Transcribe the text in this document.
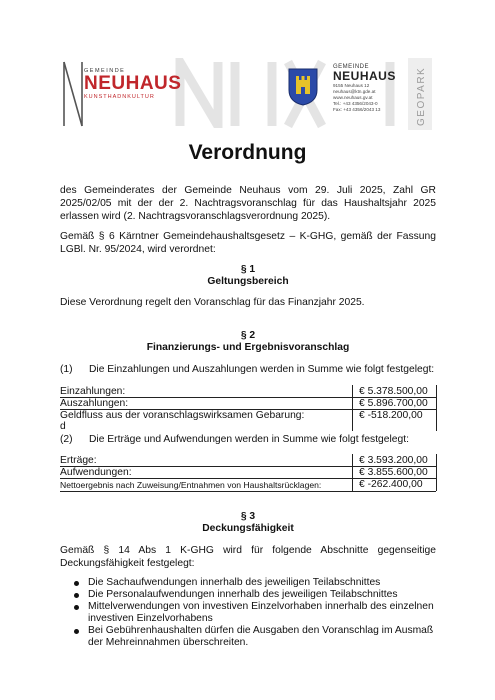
GEMEINDE
NEUHAUS
KUNSTHADNKULTUR
GEMEINDE
NEUHAUS
9155 Neuhaus 12
neuhaus@ktn.gde.at
www.neuhaus.gv.at
Tel.: +43 4356/2043-0
Fax: +43 4356/2043 13	GEOPARK
Verordnung
des Gemeinderates der Gemeinde Neuhaus vom 29. Juli 2025, Zahl GR 2025/02/05 mit der der 2. Nachtragsvoranschlag für das Haushaltsjahr 2025 erlassen wird (2. Nachtragsvoranschlagsverordnung 2025).
Gemäß § 6 Kärntner Gemeindehaushaltsgesetz – K-GHG, gemäß der Fassung LGBl. Nr. 95/2024, wird verordnet:
§ 1
Geltungsbereich
Diese Verordnung regelt den Voranschlag für das Finanzjahr 2025.
§ 2
Finanzierungs- und Ergebnisvoranschlag
(1) Die Einzahlungen und Auszahlungen werden in Summe wie folgt festgelegt:
Einzahlungen:	€ 5.378.500,00
Auszahlungen:	€ 5.896.700,00
Geldfluss aus der voranschlagswirksamen Gebarung:	€ -518.200,00
d
(2) Die Erträge und Aufwendungen werden in Summe wie folgt festgelegt:
Erträge:	€ 3.593.200,00
Aufwendungen:	€ 3.855.600,00
Nettoergebnis nach Zuweisung/Entnahmen von Haushaltsrücklagen:	€ -262.400,00
§ 3
Deckungsfähigkeit
Gemäß § 14 Abs 1 K-GHG wird für folgende Abschnitte gegenseitige Deckungsfähigkeit festgelegt:
Die Sachaufwendungen innerhalb des jeweiligen Teilabschnittes
Die Personalaufwendungen innerhalb des jeweiligen Teilabschnittes
Mittelverwendungen von investiven Einzelvorhaben innerhalb des einzelnen investiven Einzelvorhabens
Bei Gebührenhaushalten dürfen die Ausgaben den Voranschlag im Ausmaß der Mehreinnahmen überschreiten.
